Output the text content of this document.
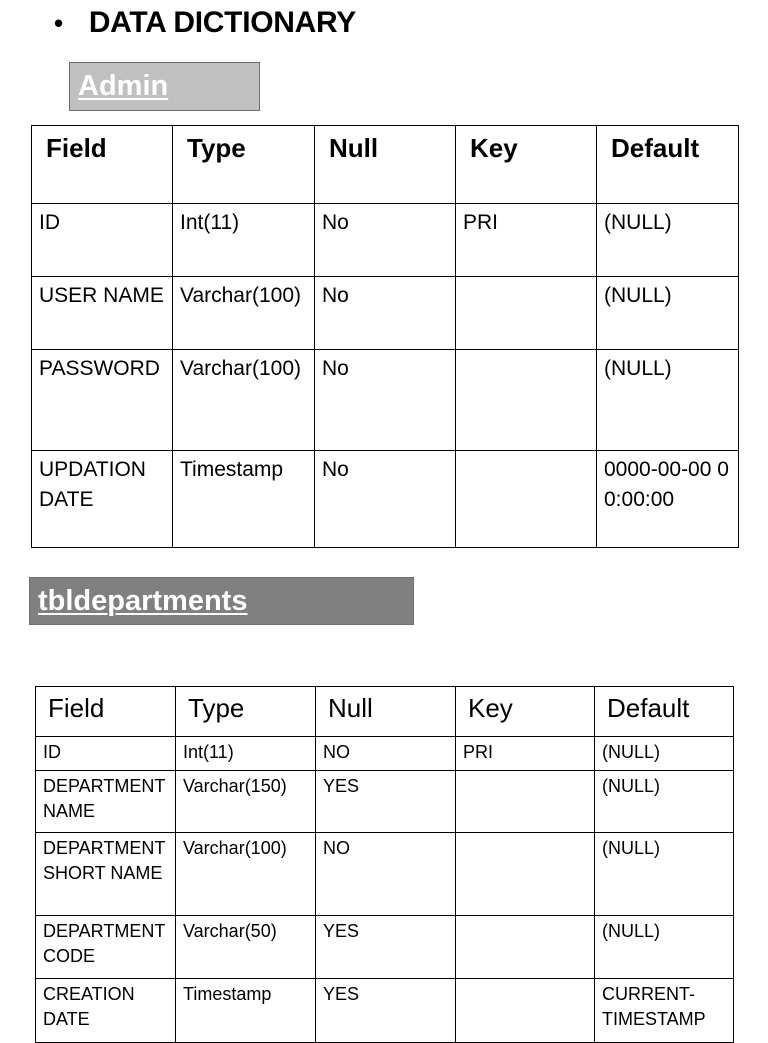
• DATA DICTIONARY
Admin
Field	Type	Null	Key	Default
ID	Int(11)	No	PRI	(NULL)
USER NAME	Varchar(100)	No		(NULL)
PASSWORD	Varchar(100)	No		(NULL)
UPDATION DATE	Timestamp	No		0000-00-00 00:00:00
tbldepartments
Field	Type	Null	Key	Default
ID	Int(11)	NO	PRI	(NULL)
DEPARTMENT NAME	Varchar(150)	YES		(NULL)
DEPARTMENT SHORT NAME	Varchar(100)	NO		(NULL)
DEPARTMENT CODE	Varchar(50)	YES		(NULL)
CREATION DATE	Timestamp	YES		CURRENT-TIMESTAMP
